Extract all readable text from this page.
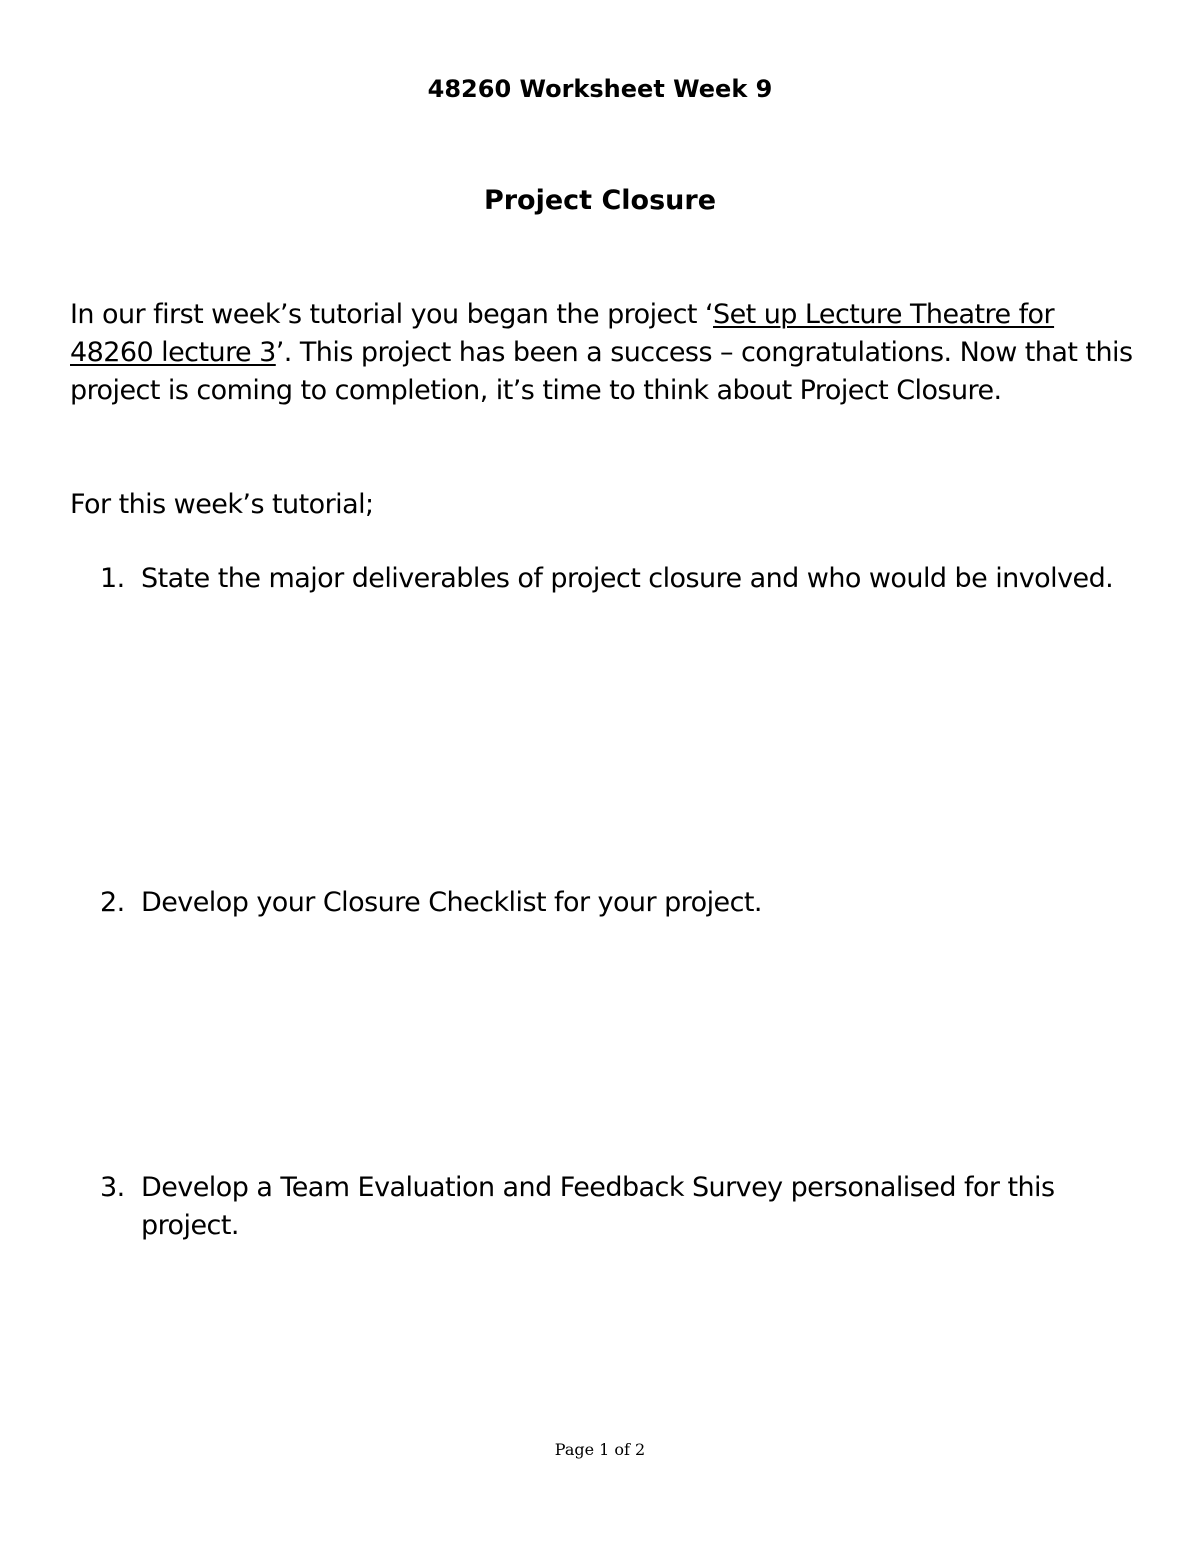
48260 Worksheet Week 9
Project Closure

In our first week’s tutorial you began the project ‘Set up Lecture Theatre for 48260 lecture 3’. This project has been a success – congratulations. Now that this project is coming to completion, it’s time to think about Project Closure.

For this week’s tutorial;

1. State the major deliverables of project closure and who would be involved.
2. Develop your Closure Checklist for your project.
3. Develop a Team Evaluation and Feedback Survey personalised for this project.
Page 1 of 2
